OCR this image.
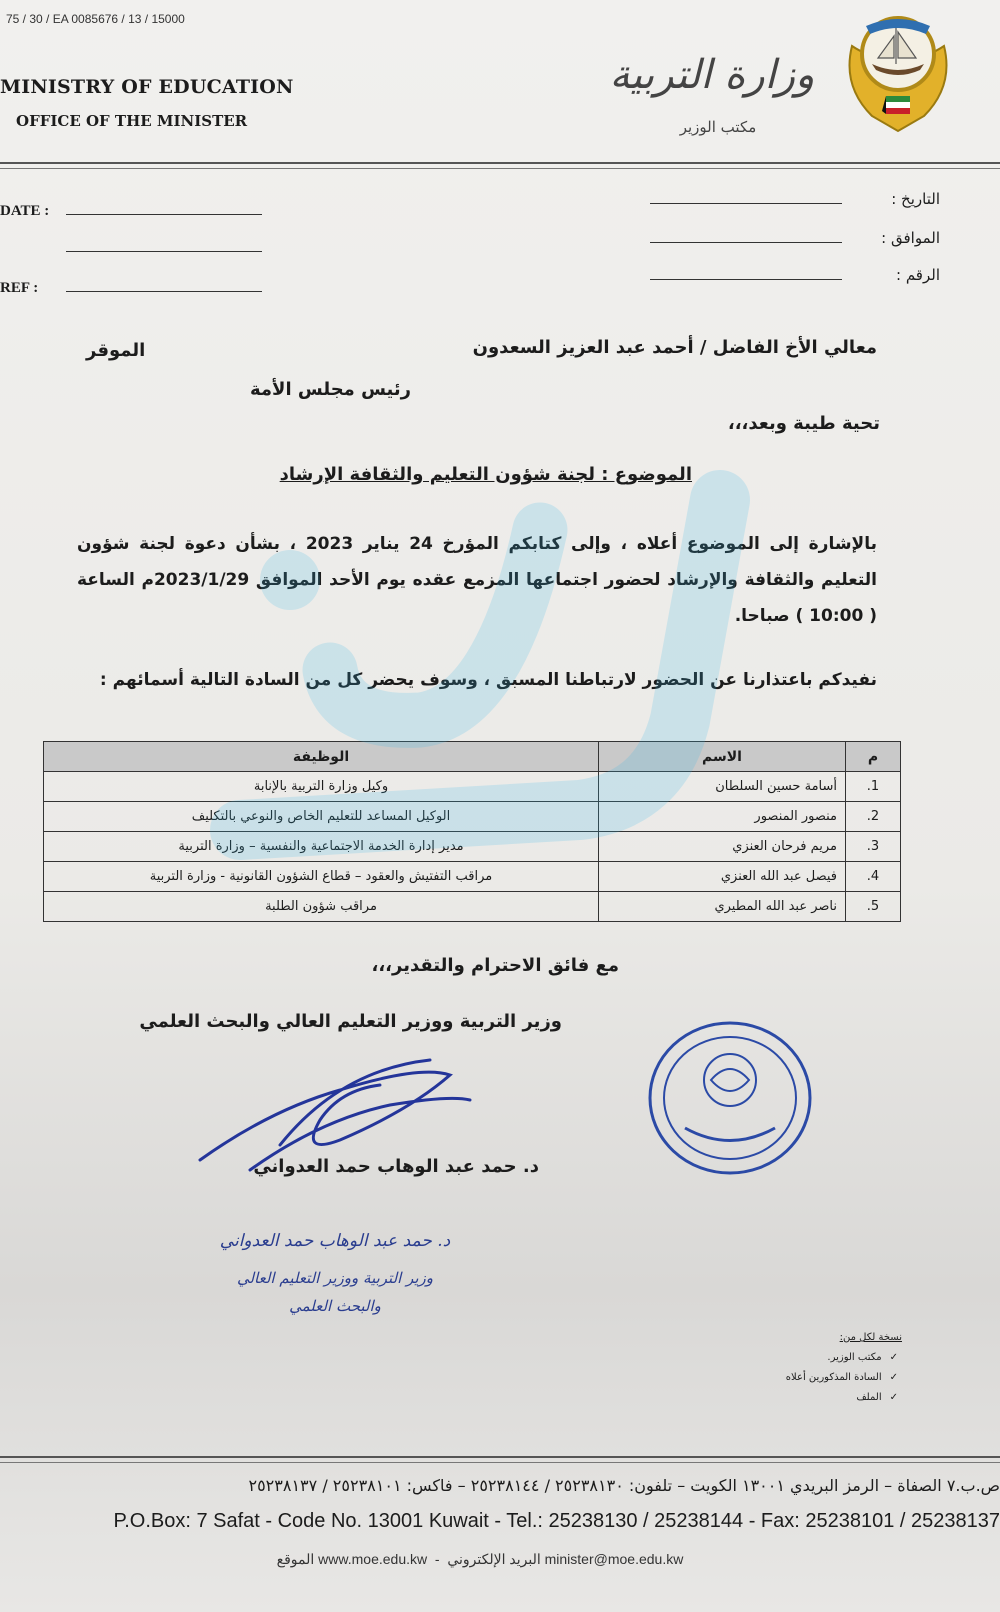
75 / 30 / EA 0085676 / 13 / 15000
MINISTRY OF EDUCATION
OFFICE OF THE MINISTER
وزارة التربية
مكتب الوزير
DATE :
REF :
التاريخ :
الموافق :
الرقم :
معالي الأخ الفاضل / أحمد عبد العزيز السعدون
الموقر
رئيس مجلس الأمة
تحية طيبة وبعد،،،
الموضوع : لجنة شؤون التعليم والثقافة الإرشاد
بالإشارة إلى الموضوع أعلاه ، وإلى كتابكم المؤرخ 24 يناير 2023 ، بشأن دعوة لجنة شؤون التعليم والثقافة والإرشاد لحضور اجتماعها المزمع عقده يوم الأحد الموافق 2023/1/29م الساعة ( 10:00 ) صباحا.
نفيدكم باعتذارنا عن الحضور لارتباطنا المسبق ، وسوف يحضر كل من السادة التالية أسمائهم :
م	الاسم	الوظيفة
1.	أسامة حسين السلطان	وكيل وزارة التربية بالإنابة
2.	منصور المنصور	الوكيل المساعد للتعليم الخاص والنوعي بالتكليف
3.	مريم فرحان العنزي	مدير إدارة الخدمة الاجتماعية والنفسية – وزارة التربية
4.	فيصل عبد الله العنزي	مراقب التفتيش والعقود – قطاع الشؤون القانونية - وزارة التربية
5.	ناصر عبد الله المطيري	مراقب شؤون الطلبة
مع فائق الاحترام والتقدير،،،
وزير التربية ووزير التعليم العالي والبحث العلمي
د. حمد عبد الوهاب حمد العدواني
د. حمد عبد الوهاب حمد العدواني
وزير التربية ووزير التعليم العالي
والبحث العلمي
نسخة لكل من:
✓مكتب الوزير.
✓السادة المذكورين أعلاه
✓الملف
ص.ب.٧ الصفاة – الرمز البريدي ١٣٠٠١ الكويت – تلفون: ٢٥٢٣٨١٣٠ / ٢٥٢٣٨١٤٤ – فاكس: ٢٥٢٣٨١٠١ / ٢٥٢٣٨١٣٧
P.O.Box: 7 Safat - Code No. 13001 Kuwait - Tel.: 25238130 / 25238144 - Fax: 25238101 / 25238137
الموقع www.moe.edu.kw  -  البريد الإلكتروني minister@moe.edu.kw
